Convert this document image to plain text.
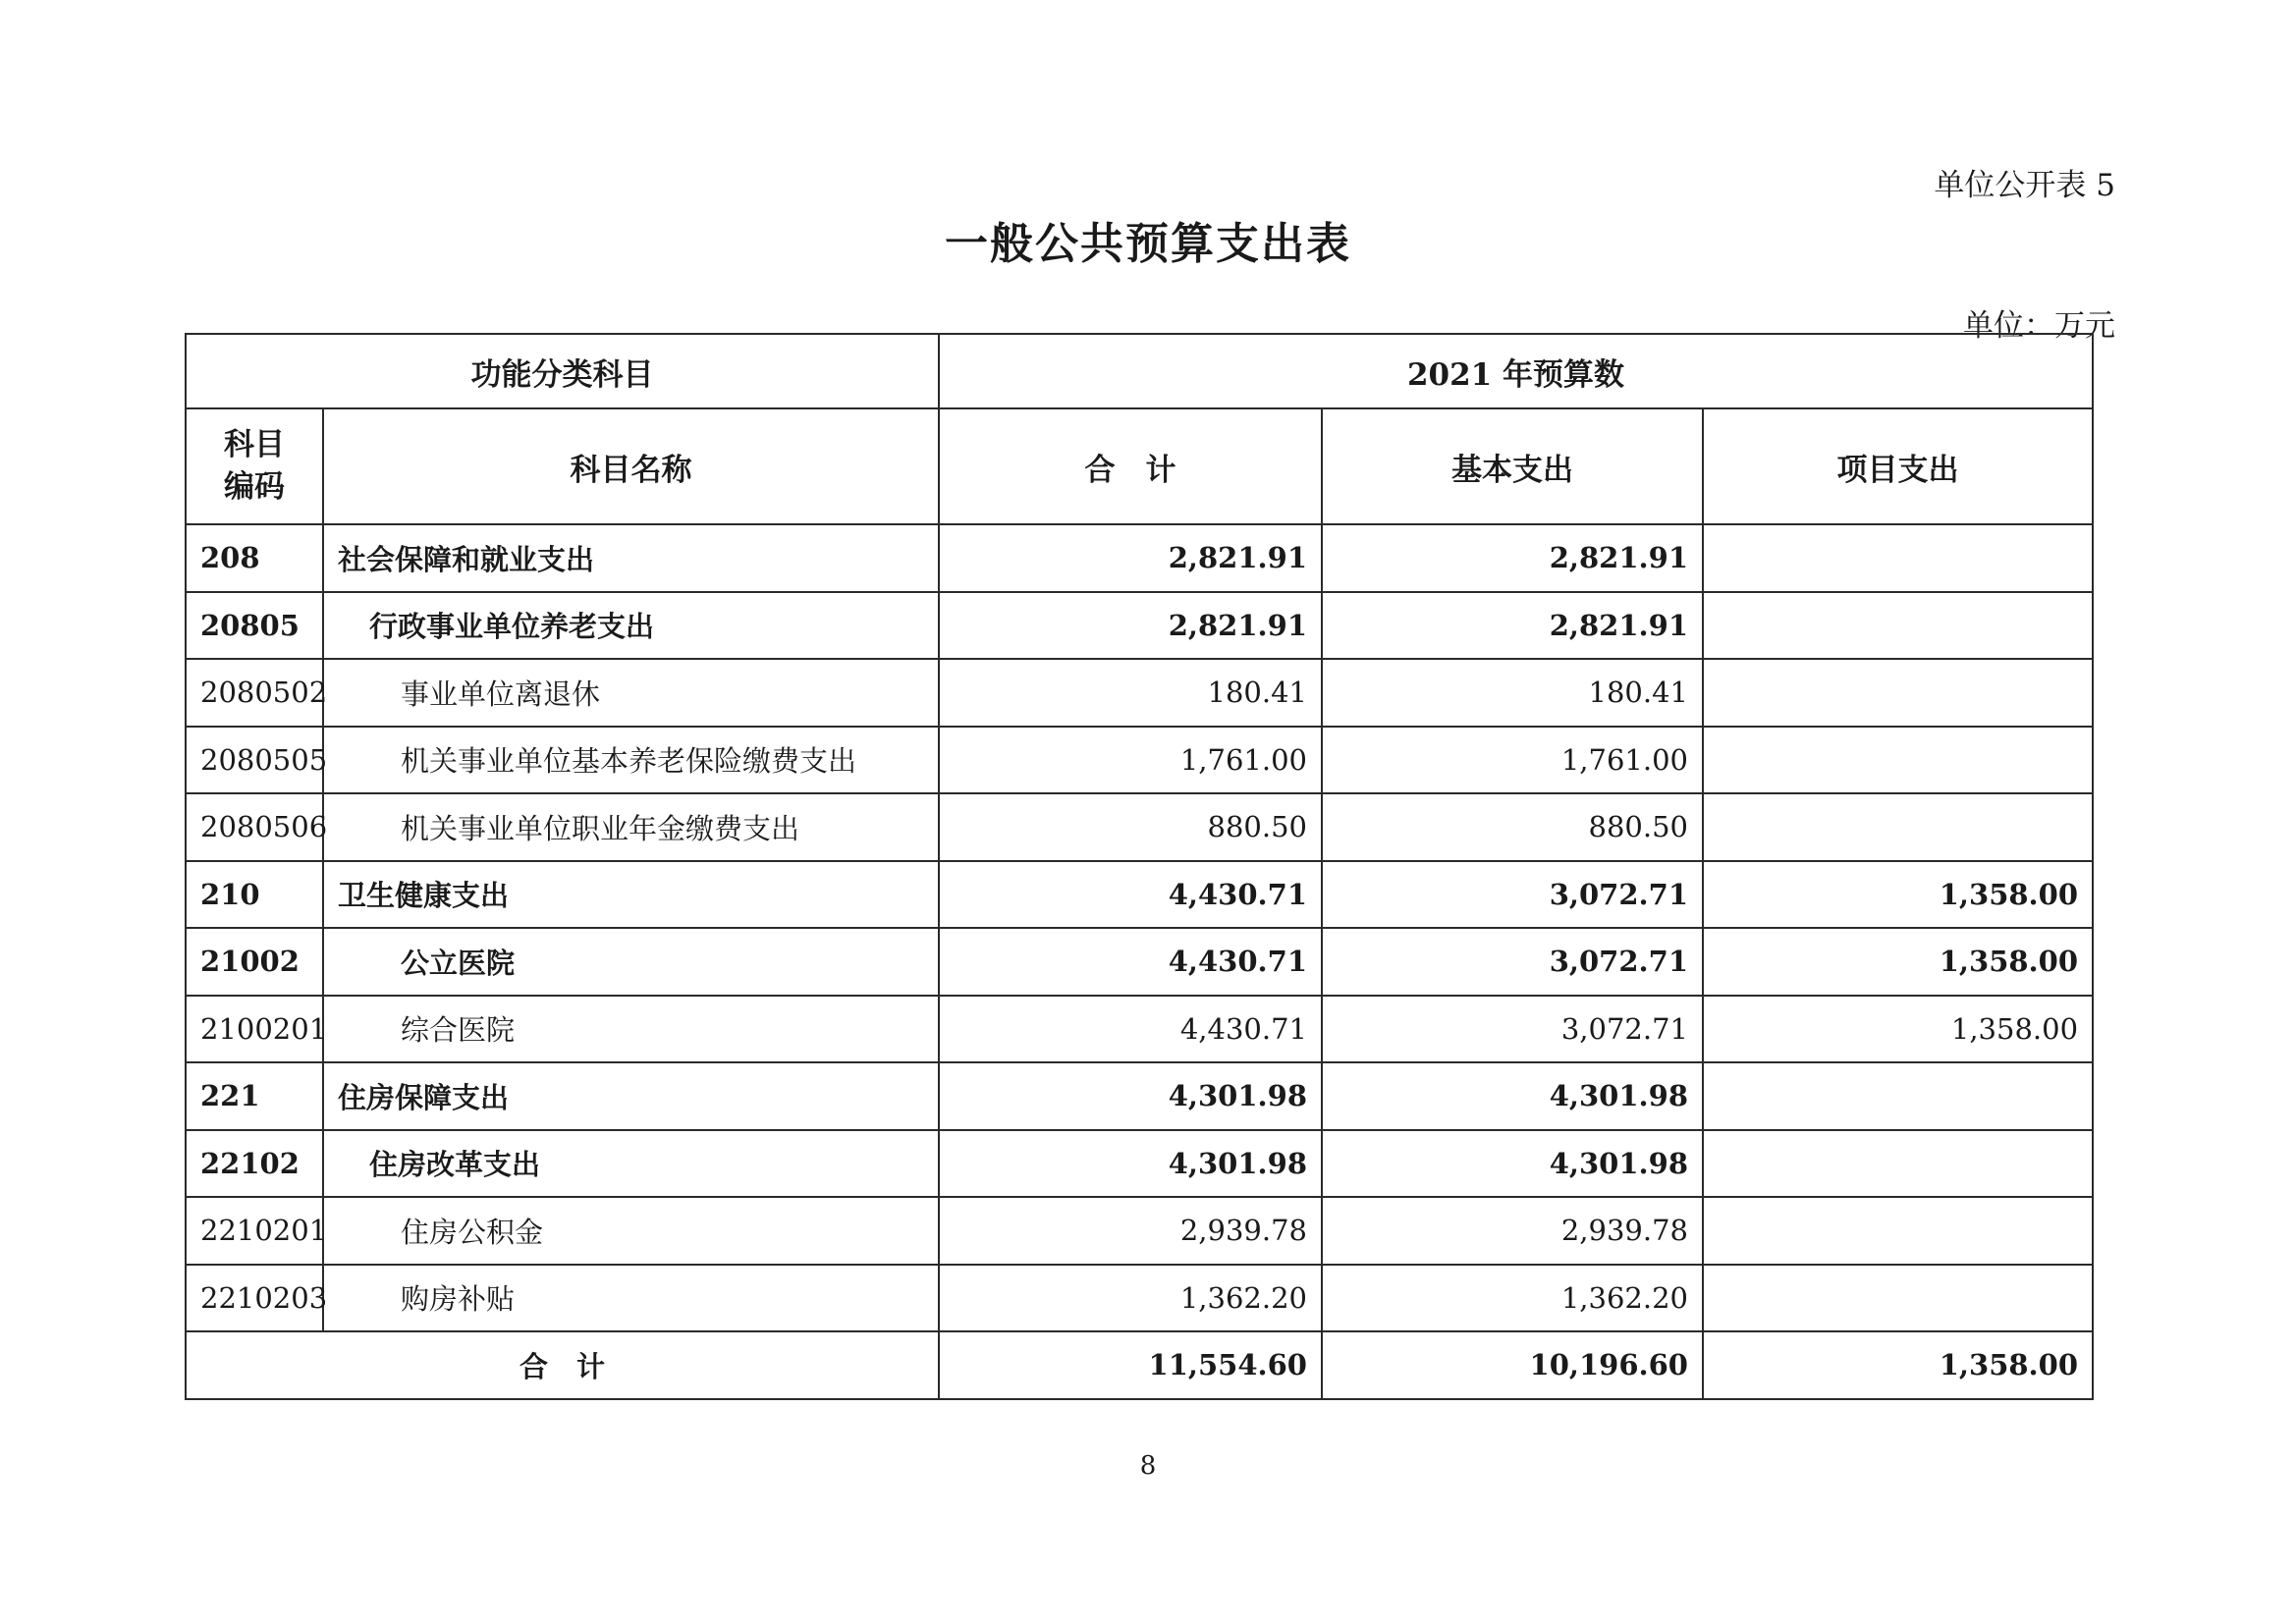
单位公开表 5
一般公共预算支出表
单位：万元
功能分类科目		2021 年预算数		
科目
编码	科目名称	合　计	基本支出	项目支出
208	社会保障和就业支出	2,821.91	2,821.91	
20805	行政事业单位养老支出	2,821.91	2,821.91	
2080502	事业单位离退休	180.41	180.41	
2080505	机关事业单位基本养老保险缴费支出	1,761.00	1,761.00	
2080506	机关事业单位职业年金缴费支出	880.50	880.50	
210	卫生健康支出	4,430.71	3,072.71	1,358.00
21002	公立医院	4,430.71	3,072.71	1,358.00
2100201	综合医院	4,430.71	3,072.71	1,358.00
221	住房保障支出	4,301.98	4,301.98	
22102	住房改革支出	4,301.98	4,301.98	
2210201	住房公积金	2,939.78	2,939.78	
2210203	购房补贴	1,362.20	1,362.20	
合　计		11,554.60	10,196.60	1,358.00
8
